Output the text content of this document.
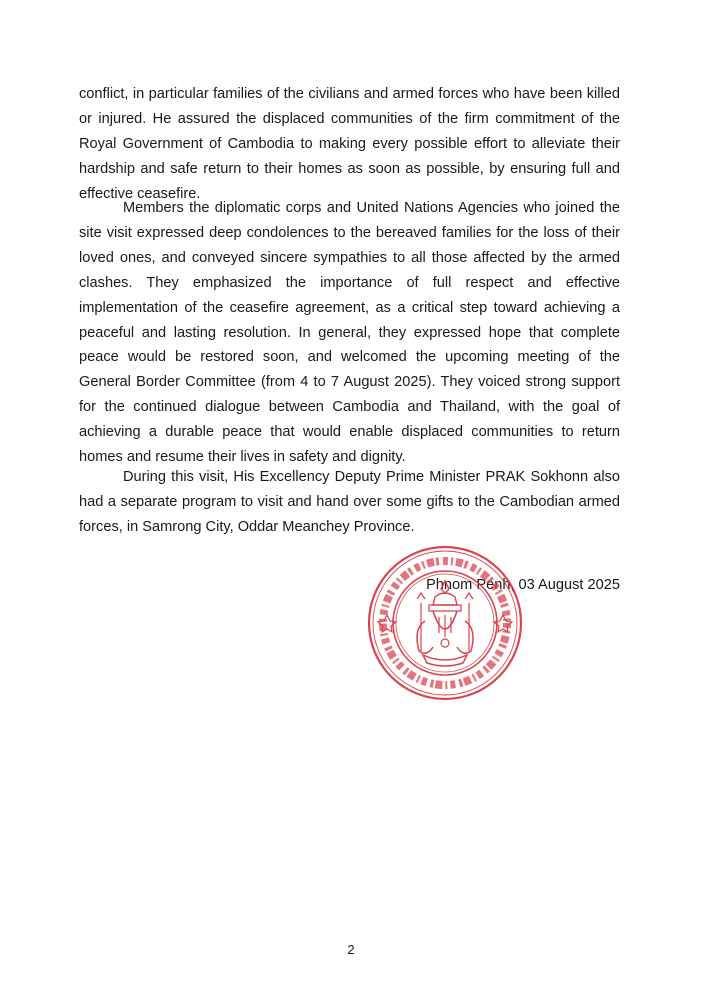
conflict, in particular families of the civilians and armed forces who have been killed or injured. He assured the displaced communities of the firm commitment of the Royal Government of Cambodia to making every possible effort to alleviate their hardship and safe return to their homes as soon as possible, by ensuring full and effective ceasefire.

Members the diplomatic corps and United Nations Agencies who joined the site visit expressed deep condolences to the bereaved families for the loss of their loved ones, and conveyed sincere sympathies to all those affected by the armed clashes. They emphasized the importance of full respect and effective implementation of the ceasefire agreement, as a critical step toward achieving a peaceful and lasting resolution. In general, they expressed hope that complete peace would be restored soon, and welcomed the upcoming meeting of the General Border Committee (from 4 to 7 August 2025). They voiced strong support for the continued dialogue between Cambodia and Thailand, with the goal of achieving a durable peace that would enable displaced communities to return homes and resume their lives in safety and dignity.

During this visit, His Excellency Deputy Prime Minister PRAK Sokhonn also had a separate program to visit and hand over some gifts to the Cambodian armed forces, in Samrong City, Oddar Meanchey Province.

Phnom Penh, 03 August 2025
2
